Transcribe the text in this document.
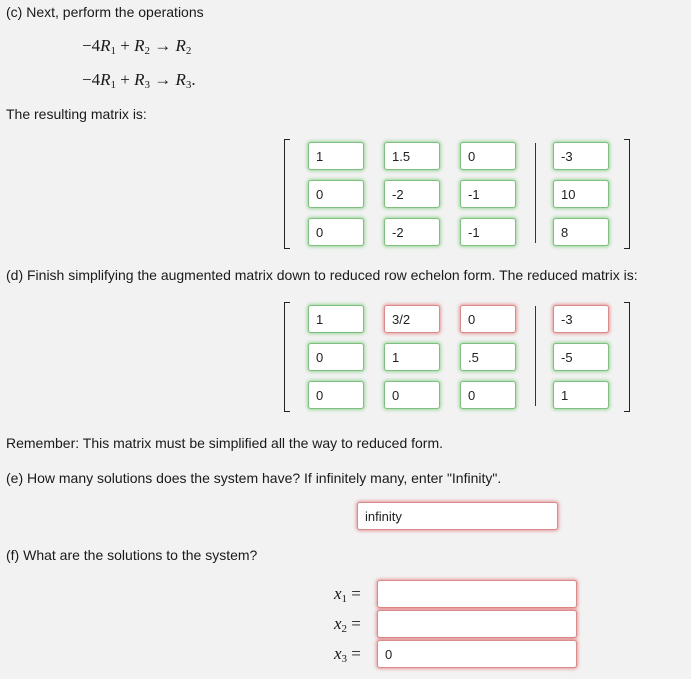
(c) Next, perform the operations
$-4R_1 + R_2 \to R_2$
$-4R_1 + R_3 \to R_3$.
The resulting matrix is:
1
1.5
0
-3
0
-2
-1
10
0
-2
-1
8
(d) Finish simplifying the augmented matrix down to reduced row echelon form. The reduced matrix is:
1
3/2
0
-3
0
1
.5
-5
0
0
0
1
Remember: This matrix must be simplified all the way to reduced form.
(e) How many solutions does the system have? If infinitely many, enter "Infinity".
infinity
(f) What are the solutions to the system?
$x_1$ =
$x_2$ =
$x_3$ =
0
